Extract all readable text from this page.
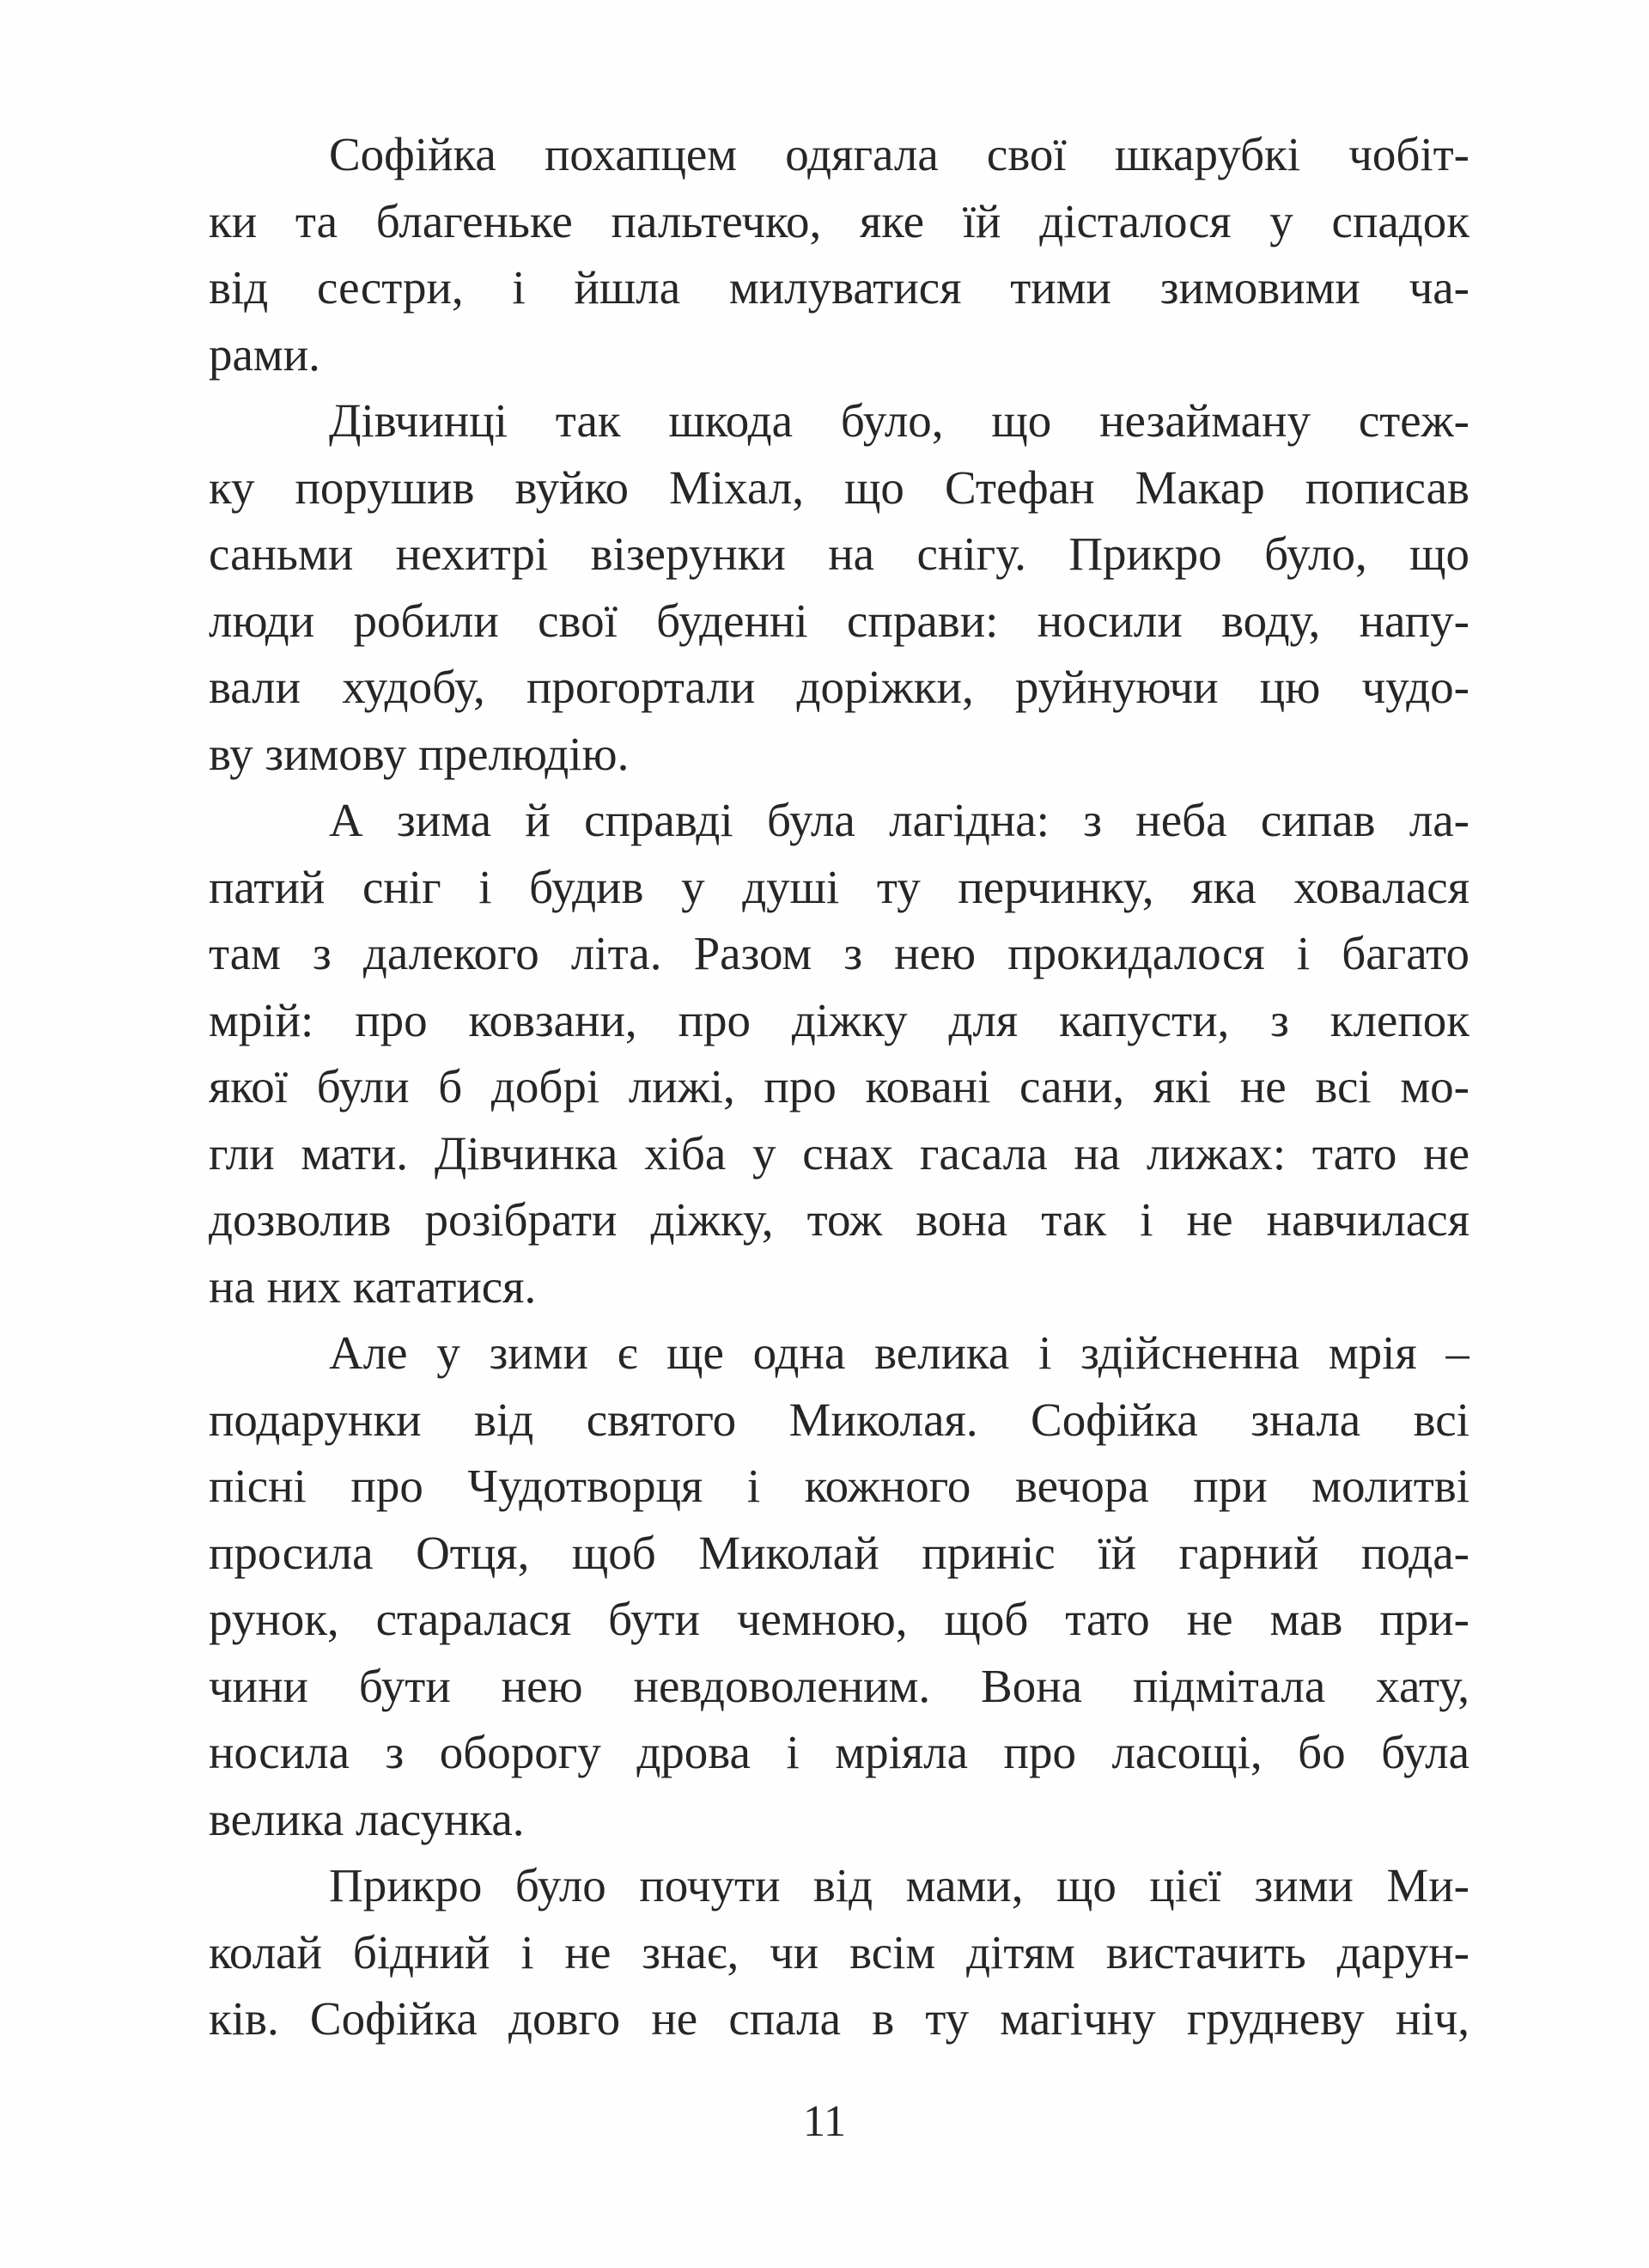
Софійка похапцем одягала свої шкарубкі чобіт-
ки та благеньке пальтечко, яке їй дісталося у спадок
від сестри, і йшла милуватися тими зимовими ча-
рами.
Дівчинці так шкода було, що незайману стеж-
ку порушив вуйко Міхал, що Стефан Макар пописав
саньми нехитрі візерунки на снігу. Прикро було, що
люди робили свої буденні справи: носили воду, напу-
вали худобу, прогортали доріжки, руйнуючи цю чудо-
ву зимову прелюдію.
А зима й справді була лагідна: з неба сипав ла-
патий сніг і будив у душі ту перчинку, яка ховалася
там з далекого літа. Разом з нею прокидалося і багато
мрій: про ковзани, про діжку для капусти, з клепок
якої були б добрі лижі, про ковані сани, які не всі мо-
гли мати. Дівчинка хіба у снах гасала на лижах: тато не
дозволив розібрати діжку, тож вона так і не навчилася
на них кататися.
Але у зими є ще одна велика і здійсненна мрія –
подарунки від святого Миколая. Софійка знала всі
пісні про Чудотворця і кожного вечора при молитві
просила Отця, щоб Миколай приніс їй гарний пода-
рунок, старалася бути чемною, щоб тато не мав при-
чини бути нею невдоволеним. Вона підмітала хату,
носила з оборогу дрова і мріяла про ласощі, бо була
велика ласунка.
Прикро було почути від мами, що цієї зими Ми-
колай бідний і не знає, чи всім дітям вистачить дарун-
ків. Софійка довго не спала в ту магічну грудневу ніч,
11
